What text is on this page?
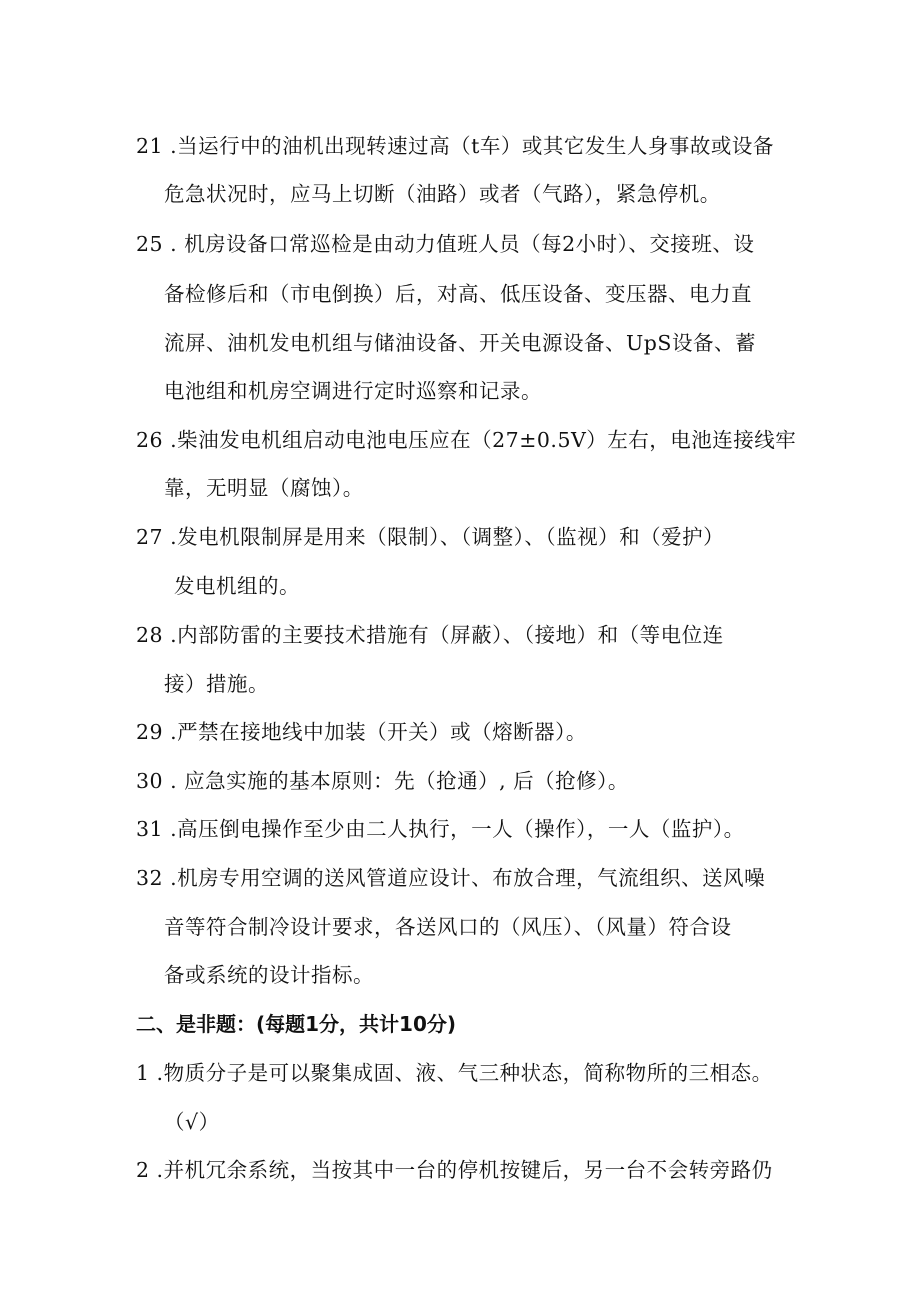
21 .当运行中的油机出现转速过高（t车）或其它发生人身事故或设备
危急状况时，应马上切断（油路）或者（气路），紧急停机。
25 . 机房设备口常巡检是由动力值班人员（每2小时）、交接班、设
备检修后和（市电倒换）后，对高、低压设备、变压器、电力直
流屏、油机发电机组与储油设备、开关电源设备、UpS设备、蓄
电池组和机房空调进行定时巡察和记录。
26 .柴油发电机组启动电池电压应在（27±0.5V）左右，电池连接线牢
靠，无明显（腐蚀）。
27 .发电机限制屏是用来（限制）、（调整）、（监视）和（爱护）
发电机组的。
28 .内部防雷的主要技术措施有（屏蔽）、（接地）和（等电位连
接）措施。
29 .严禁在接地线中加装（开关）或（熔断器）。
30 . 应急实施的基本原则：先（抢通）, 后（抢修）。
31 .高压倒电操作至少由二人执行，一人（操作），一人（监护）。
32 .机房专用空调的送风管道应设计、布放合理，气流组织、送风噪
音等符合制冷设计要求，各送风口的（风压）、（风量）符合设
备或系统的设计指标。
二、是非题：(每题1分，共计10分)
1 .物质分子是可以聚集成固、液、气三种状态，简称物所的三相态。
（√）
2 .并机冗余系统，当按其中一台的停机按键后，另一台不会转旁路仍
